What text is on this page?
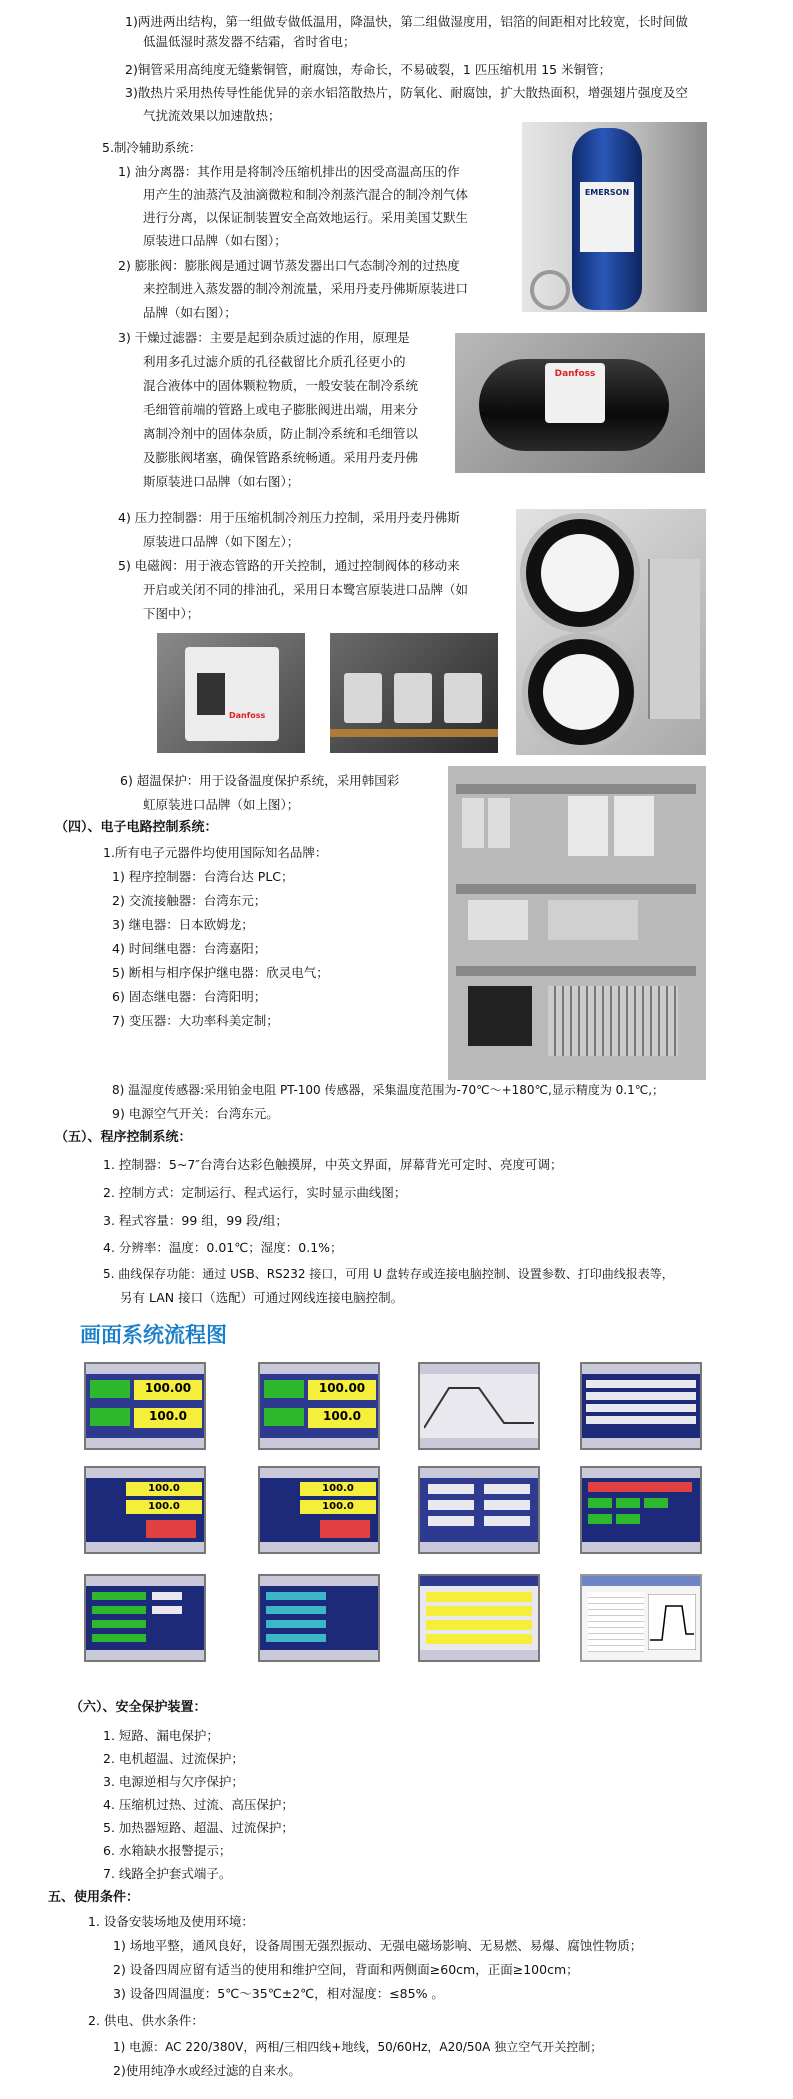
1)两进两出结构，第一组做专做低温用，降温快，第二组做湿度用，铝箔的间距相对比较宽，长时间做
低温低湿时蒸发器不结霜，省时省电；
2)铜管采用高纯度无缝紫铜管，耐腐蚀，寿命长，不易破裂，1 匹压缩机用 15 米铜管；
3)散热片采用热传导性能优异的亲水铝箔散热片，防氧化、耐腐蚀，扩大散热面积，增强翅片强度及空
气扰流效果以加速散热；
5.制冷辅助系统：
1) 油分离器：其作用是将制冷压缩机排出的因受高温高压的作
用产生的油蒸汽及油滴微粒和制冷剂蒸汽混合的制冷剂气体
进行分离，以保证制装置安全高效地运行。采用美国艾默生
原装进口品牌（如右图）；
2) 膨胀阀：膨胀阀是通过调节蒸发器出口气态制冷剂的过热度
来控制进入蒸发器的制冷剂流量，采用丹麦丹佛斯原装进口
品牌（如右图）；
3) 干燥过滤器：主要是起到杂质过滤的作用，原理是
利用多孔过滤介质的孔径截留比介质孔径更小的
混合液体中的固体颗粒物质，一般安装在制冷系统
毛细管前端的管路上或电子膨胀阀进出端，用来分
离制冷剂中的固体杂质，防止制冷系统和毛细管以
及膨胀阀堵塞，确保管路系统畅通。采用丹麦丹佛
斯原装进口品牌（如右图）；
4) 压力控制器：用于压缩机制冷剂压力控制，采用丹麦丹佛斯
原装进口品牌（如下图左）；
5) 电磁阀：用于液态管路的开关控制，通过控制阀体的移动来
开启或关闭不同的排油孔，采用日本鹭宫原装进口品牌（如
下图中）；
EMERSON
Danfoss
Danfoss
6) 超温保护：用于设备温度保护系统，采用韩国彩
虹原装进口品牌（如上图）；
（四）、电子电路控制系统：
1.所有电子元器件均使用国际知名品牌：
1) 程序控制器：台湾台达 PLC；
2) 交流接触器：台湾东元；
3) 继电器：日本欧姆龙；
4) 时间继电器：台湾嘉阳；
5) 断相与相序保护继电器：欣灵电气；
6) 固态继电器：台湾阳明；
7) 变压器：大功率科美定制；
8) 温湿度传感器:采用铂金电阻 PT-100 传感器，采集温度范围为-70℃～+180℃,显示精度为 0.1℃,；
9) 电源空气开关：台湾东元。
（五）、程序控制系统：
1. 控制器：5~7″台湾台达彩色触摸屏，中英文界面，屏幕背光可定时、亮度可调；
2. 控制方式：定制运行、程式运行，实时显示曲线图；
3. 程式容量：99 组，99 段/组；
4. 分辨率：温度：0.01℃；湿度：0.1%；
5. 曲线保存功能：通过 USB、RS232 接口，可用 U 盘转存或连接电脑控制、设置参数、打印曲线报表等，
另有 LAN 接口（选配）可通过网线连接电脑控制。
画面系统流程图
100.00
100.0
100.00
100.0
100.0
100.0
100.0
100.0
（六）、安全保护装置：
1. 短路、漏电保护；
2. 电机超温、过流保护；
3. 电源逆相与欠序保护；
4. 压缩机过热、过流、高压保护；
5. 加热器短路、超温、过流保护；
6. 水箱缺水报警提示；
7. 线路全护套式端子。
五、使用条件：
1. 设备安装场地及使用环境：
1) 场地平整，通风良好，设备周围无强烈振动、无强电磁场影响、无易燃、易爆、腐蚀性物质；
2) 设备四周应留有适当的使用和维护空间，背面和两侧面≥60cm，正面≥100cm；
3) 设备四周温度：5℃～35℃±2℃，相对湿度：≤85% 。
2. 供电、供水条件：
1) 电源：AC 220/380V，两相/三相四线+地线，50/60Hz，A20/50A 独立空气开关控制；
2)使用纯净水或经过滤的自来水。
